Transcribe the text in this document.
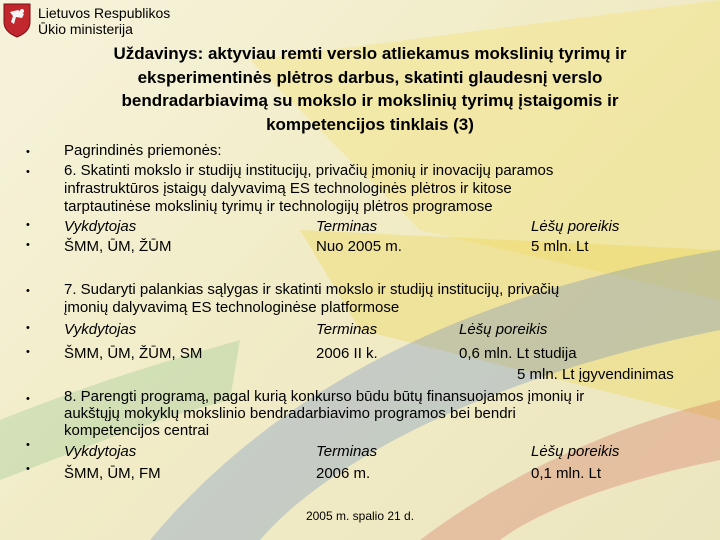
Lietuvos Respublikos
Ūkio ministerija
Uždavinys: aktyviau remti verslo atliekamus mokslinių tyrimų ir
eksperimentinės plėtros darbus, skatinti glaudesnį verslo
bendradarbiavimą su mokslo ir mokslinių tyrimų įstaigomis ir
kompetencijos tinklais (3)
•
•
•
•
•
•
•
•
•
•
Pagrindinės priemonės:
6. Skatinti mokslo ir studijų institucijų, privačių įmonių ir inovacijų paramos
infrastruktūros įstaigų dalyvavimą ES technologinės plėtros ir kitose
tarptautinėse mokslinių tyrimų ir technologijų plėtros programose
Vykdytojas	Terminas	Lėšų poreikis
ŠMM, ŪM, ŽŪM	Nuo 2005 m.	5 mln. Lt
7. Sudaryti palankias sąlygas ir skatinti mokslo ir studijų institucijų, privačių
įmonių dalyvavimą ES technologinėse platformose
Vykdytojas	Terminas	Lėšų poreikis
ŠMM, ŪM, ŽŪM, SM	2006 II k.	0,6 mln. Lt studija
5 mln. Lt įgyvendinimas
8. Parengti programą, pagal kurią konkurso būdu būtų finansuojamos įmonių ir
aukštųjų mokyklų mokslinio bendradarbiavimo programos bei bendri
kompetencijos centrai
Vykdytojas	Terminas	Lėšų poreikis
ŠMM, ŪM, FM	2006 m.	0,1 mln. Lt
2005 m. spalio 21 d.
